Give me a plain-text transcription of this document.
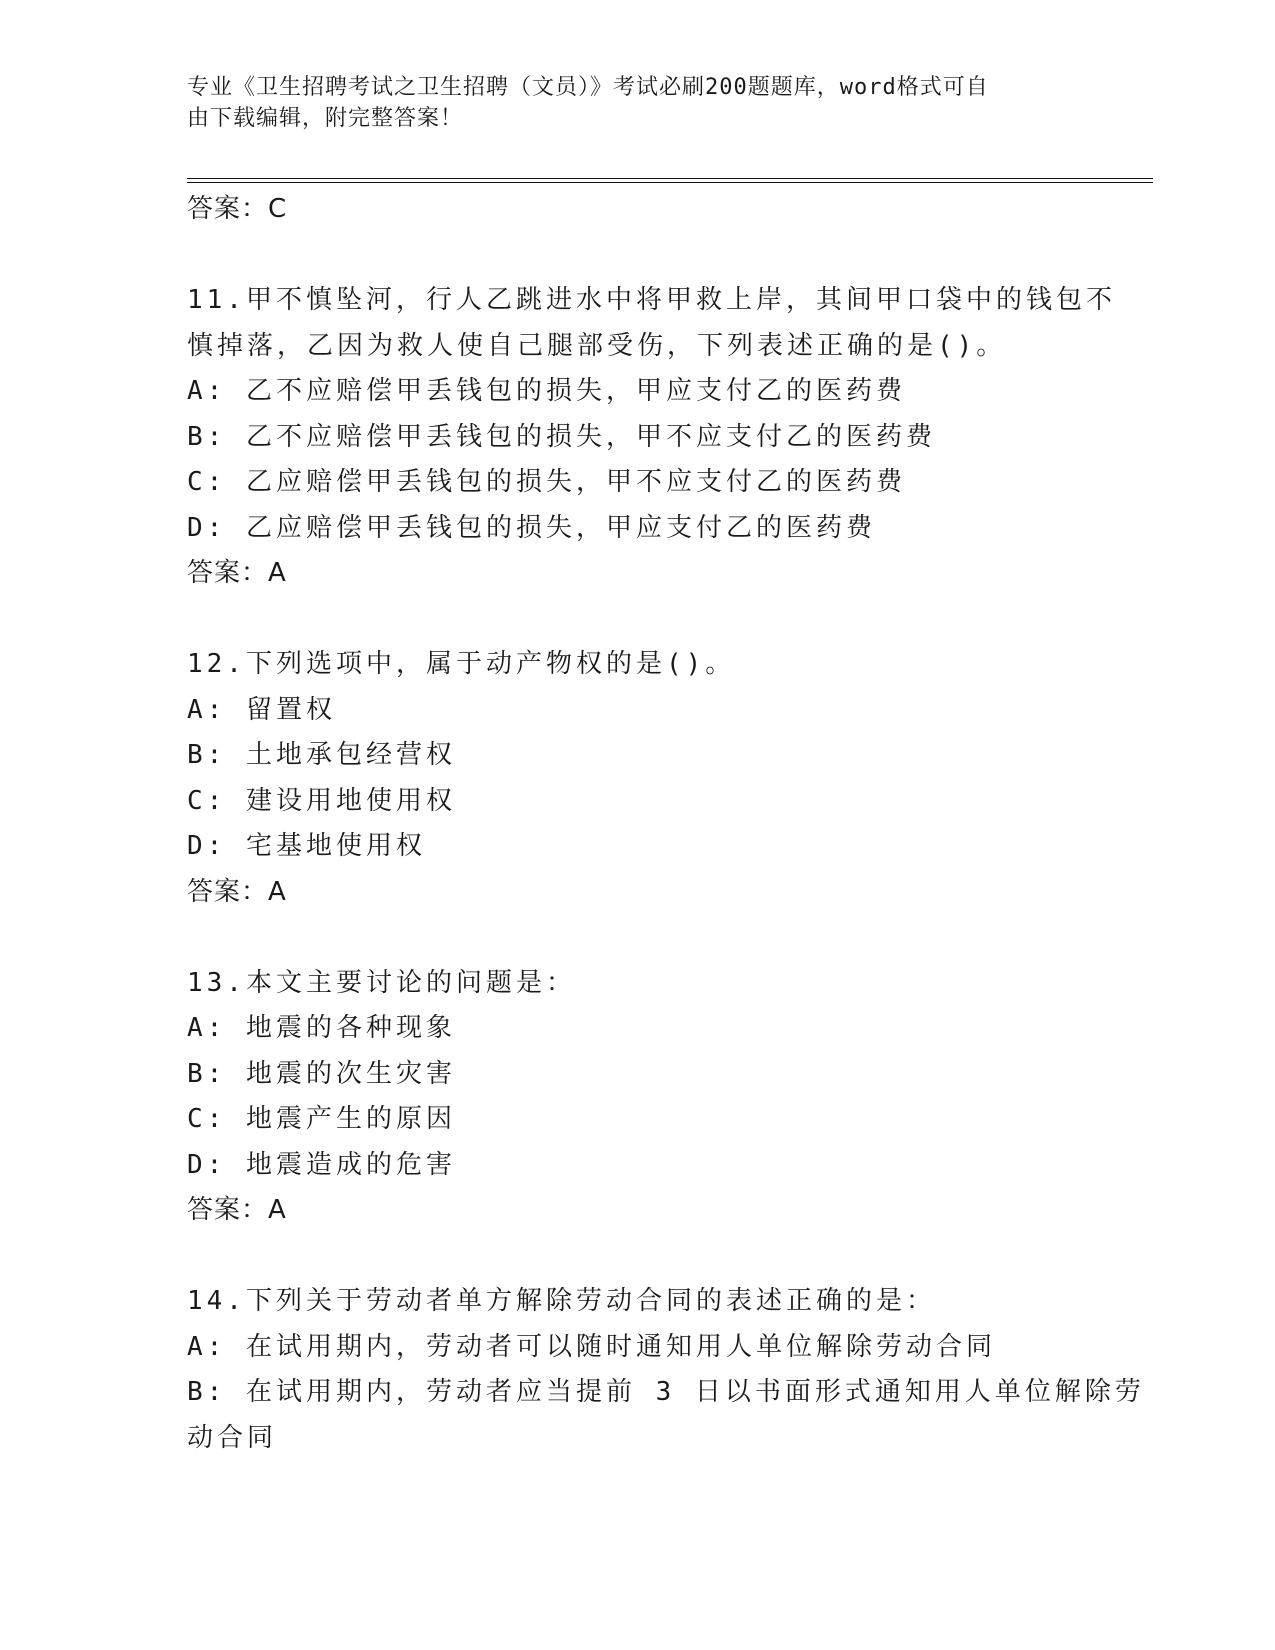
专业《卫生招聘考试之卫生招聘（文员）》考试必刷200题题库，word格式可自
由下载编辑，附完整答案！
答案：C
11.甲不慎坠河，行人乙跳进水中将甲救上岸，其间甲口袋中的钱包不
慎掉落，乙因为救人使自己腿部受伤，下列表述正确的是()。
A: 乙不应赔偿甲丢钱包的损失，甲应支付乙的医药费
B: 乙不应赔偿甲丢钱包的损失，甲不应支付乙的医药费
C: 乙应赔偿甲丢钱包的损失，甲不应支付乙的医药费
D: 乙应赔偿甲丢钱包的损失，甲应支付乙的医药费
答案：A
12.下列选项中，属于动产物权的是()。
A: 留置权
B: 土地承包经营权
C: 建设用地使用权
D: 宅基地使用权
答案：A
13.本文主要讨论的问题是：
A: 地震的各种现象
B: 地震的次生灾害
C: 地震产生的原因
D: 地震造成的危害
答案：A
14.下列关于劳动者单方解除劳动合同的表述正确的是：
A: 在试用期内，劳动者可以随时通知用人单位解除劳动合同
B: 在试用期内，劳动者应当提前 3 日以书面形式通知用人单位解除劳
动合同
